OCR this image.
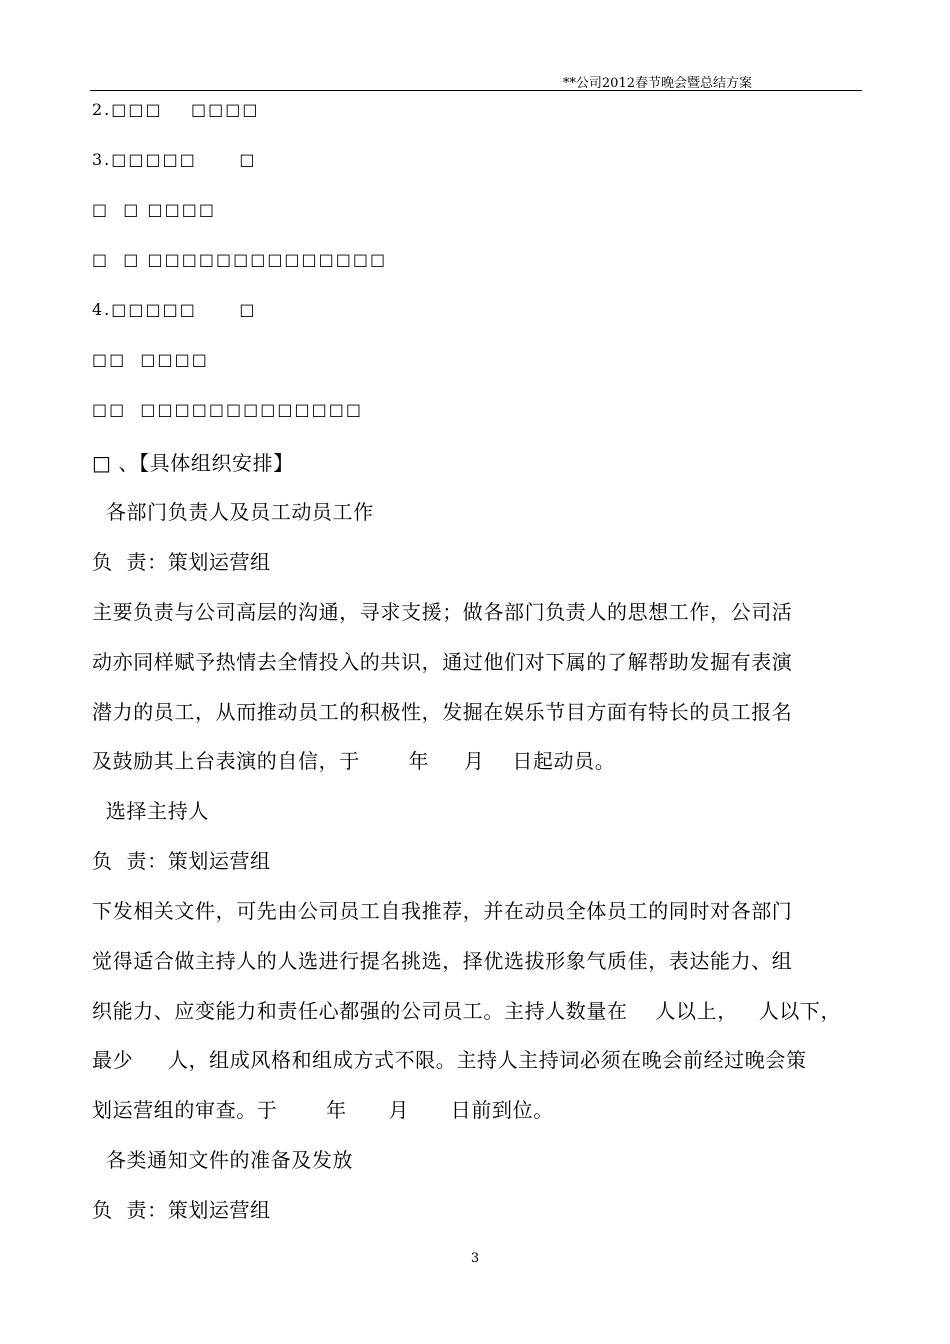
**公司2012春节晚会暨总结方案
2.□□□    □□□□
3.□□□□□      □
□  □ □□□□
□  □ □□□□□□□□□□□□□□
4.□□□□□      □
□□  □□□□
□□  □□□□□□□□□□□□□
□ 、【具体组织安排】
各部门负责人及员工动员工作
负  责：策划运营组
主要负责与公司高层的沟通，寻求支援；做各部门负责人的思想工作，公司活
动亦同样赋予热情去全情投入的共识，通过他们对下属的了解帮助发掘有表演
潜力的员工，从而推动员工的积极性，发掘在娱乐节目方面有特长的员工报名
及鼓励其上台表演的自信，于       年     月    日起动员。
选择主持人
负  责：策划运营组
下发相关文件，可先由公司员工自我推荐，并在动员全体员工的同时对各部门
觉得适合做主持人的人选进行提名挑选，择优选拔形象气质佳，表达能力、组
织能力、应变能力和责任心都强的公司员工。主持人数量在    人以上，   人以下，
最少     人，组成风格和组成方式不限。主持人主持词必须在晚会前经过晚会策
划运营组的审查。于       年      月      日前到位。
各类通知文件的准备及发放
负  责：策划运营组
3
